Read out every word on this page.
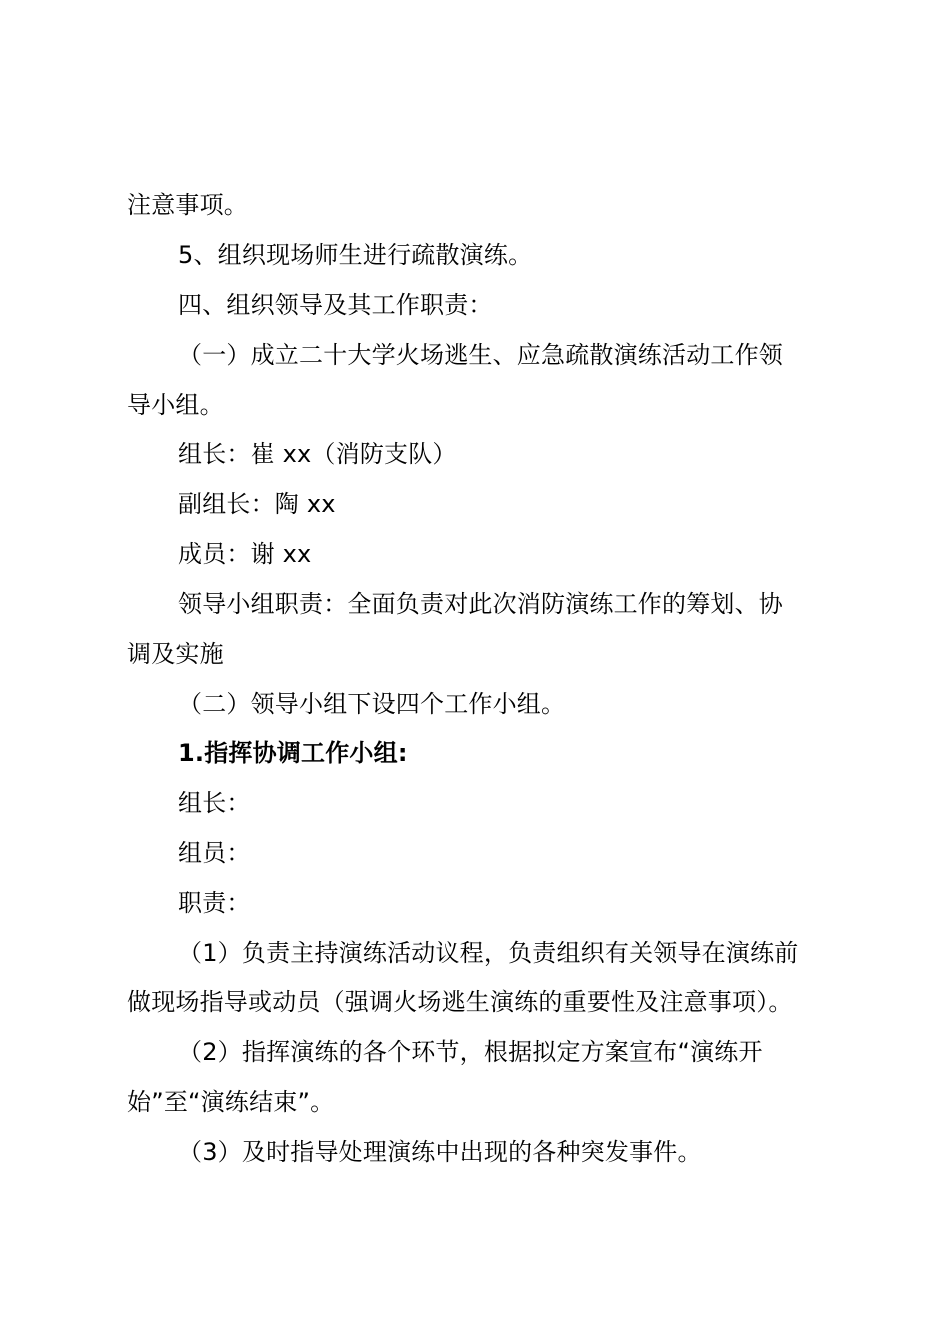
注意事项。
5、组织现场师生进行疏散演练。
四、组织领导及其工作职责：
（一）成立二十大学火场逃生、应急疏散演练活动工作领
导小组。
组长：崔 xx（消防支队）
副组长：陶 xx
成员：谢 xx
领导小组职责：全面负责对此次消防演练工作的筹划、协
调及实施
（二）领导小组下设四个工作小组。
1.指挥协调工作小组:
组长：
组员：
职责：
（1）负责主持演练活动议程，负责组织有关领导在演练前
做现场指导或动员（强调火场逃生演练的重要性及注意事项）。
（2）指挥演练的各个环节，根据拟定方案宣布“演练开
始”至“演练结束”。
（3）及时指导处理演练中出现的各种突发事件。
